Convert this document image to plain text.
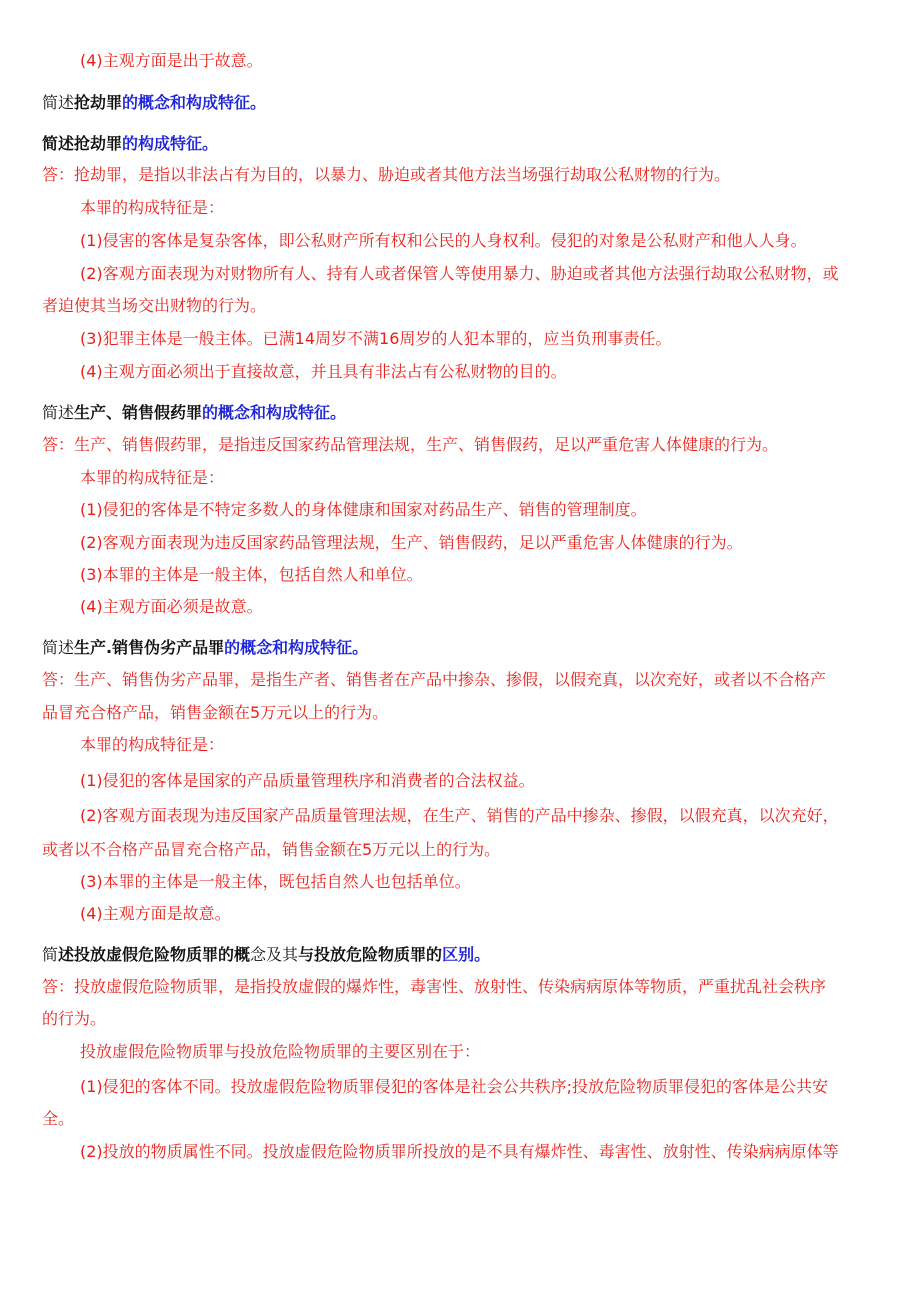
(4)主观方面是出于故意。
简述抢劫罪的概念和构成特征。
简述抢劫罪的构成特征。
答：抢劫罪，是指以非法占有为目的，以暴力、胁迫或者其他方法当场强行劫取公私财物的行为。
本罪的构成特征是：
(1)侵害的客体是复杂客体，即公私财产所有权和公民的人身权利。侵犯的对象是公私财产和他人人身。
(2)客观方面表现为对财物所有人、持有人或者保管人等使用暴力、胁迫或者其他方法强行劫取公私财物，或
者迫使其当场交出财物的行为。
(3)犯罪主体是一般主体。已满14周岁不满16周岁的人犯本罪的，应当负刑事责任。
(4)主观方面必须出于直接故意，并且具有非法占有公私财物的目的。
简述生产、销售假药罪的概念和构成特征。
答：生产、销售假药罪，是指违反国家药品管理法规，生产、销售假药，足以严重危害人体健康的行为。
本罪的构成特征是：
(1)侵犯的客体是不特定多数人的身体健康和国家对药品生产、销售的管理制度。
(2)客观方面表现为违反国家药品管理法规，生产、销售假药，足以严重危害人体健康的行为。
(3)本罪的主体是一般主体，包括自然人和单位。
(4)主观方面必须是故意。
简述生产.销售伪劣产品罪的概念和构成特征。
答：生产、销售伪劣产品罪，是指生产者、销售者在产品中掺杂、掺假，以假充真，以次充好，或者以不合格产
品冒充合格产品，销售金额在5万元以上的行为。
本罪的构成特征是：
(1)侵犯的客体是国家的产品质量管理秩序和消费者的合法权益。
(2)客观方面表现为违反国家产品质量管理法规，在生产、销售的产品中掺杂、掺假，以假充真，以次充好，
或者以不合格产品冒充合格产品，销售金额在5万元以上的行为。
(3)本罪的主体是一般主体，既包括自然人也包括单位。
(4)主观方面是故意。
简述投放虚假危险物质罪的概念及其与投放危险物质罪的区别。
答：投放虚假危险物质罪，是指投放虚假的爆炸性，毒害性、放射性、传染病病原体等物质，严重扰乱社会秩序
的行为。
投放虚假危险物质罪与投放危险物质罪的主要区别在于：
(1)侵犯的客体不同。投放虚假危险物质罪侵犯的客体是社会公共秩序;投放危险物质罪侵犯的客体是公共安
全。
(2)投放的物质属性不同。投放虚假危险物质罪所投放的是不具有爆炸性、毒害性、放射性、传染病病原体等
